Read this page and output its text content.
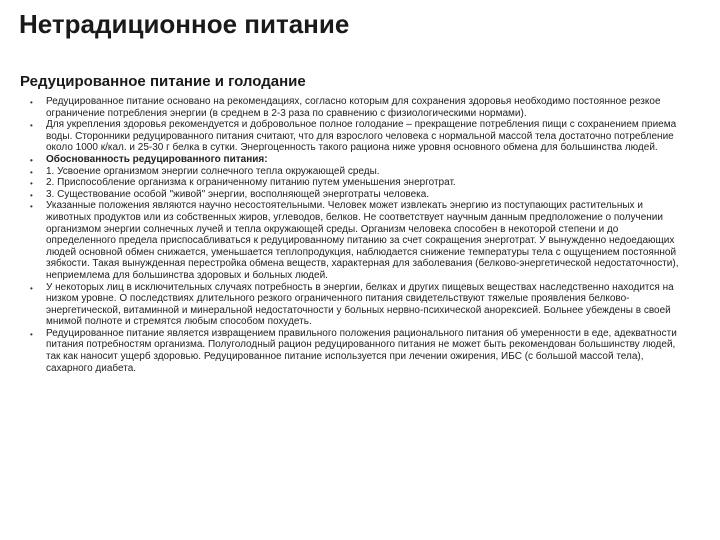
Нетрадиционное питание
Редуцированное питание и голодание
• Редуцированное питание основано на рекомендациях, согласно которым для сохранения здоровья необходимо постоянное резкое ограничение потребления энергии (в среднем в 2-3 раза по сравнению с физиологическими нормами).
• Для укрепления здоровья рекомендуется и добровольное полное голодание – прекращение потребления пищи с сохранением приема воды. Сторонники редуцированного питания считают, что для взрослого человека с нормальной массой тела достаточно потребление около 1000 к/кал. и 25-30 г белка в сутки. Энергоценность такого рациона ниже уровня основного обмена для большинства людей.
• Обоснованность редуцированного питания:
• 1. Усвоение организмом энергии солнечного тепла окружающей среды.
• 2. Приспособление организма к ограниченному питанию путем уменьшения энерготрат.
• 3. Существование особой "живой" энергии, восполняющей энерготраты человека.
• Указанные положения являются научно несостоятельными. Человек может извлекать энергию из поступающих растительных и животных продуктов или из собственных жиров, углеводов, белков. Не соответствует научным данным предположение о получении организмом энергии солнечных лучей и тепла окружающей среды. Организм человека способен в некоторой степени и до определенного предела приспосабливаться к редуцированному питанию за счет сокращения энерготрат. У вынужденно недоедающих людей основной обмен снижается, уменьшается теплопродукция, наблюдается снижение температуры тела с ощущением постоянной зябкости. Такая вынужденная перестройка обмена веществ, характерная для заболевания (белково-энергетической недостаточности), неприемлема для большинства здоровых и больных людей.
• У некоторых лиц в исключительных случаях потребность в энергии, белках и других пищевых веществах наследственно находится на низком уровне. О последствиях длительного резкого ограниченного питания свидетельствуют тяжелые проявления белково-энергетической, витаминной и минеральной недостаточности у больных нервно-психической анорексией. Больнее убеждены в своей мнимой полноте и стремятся любым способом похудеть.
• Редуцированное питание является извращением правильного положения рационального питания об умеренности в еде, адекватности питания потребностям организма. Полуголодный рацион редуцированного питания не может быть рекомендован большинству людей, так как наносит ущерб здоровью. Редуцированное питание используется при лечении ожирения, ИБС (с большой массой тела), сахарного диабета.
